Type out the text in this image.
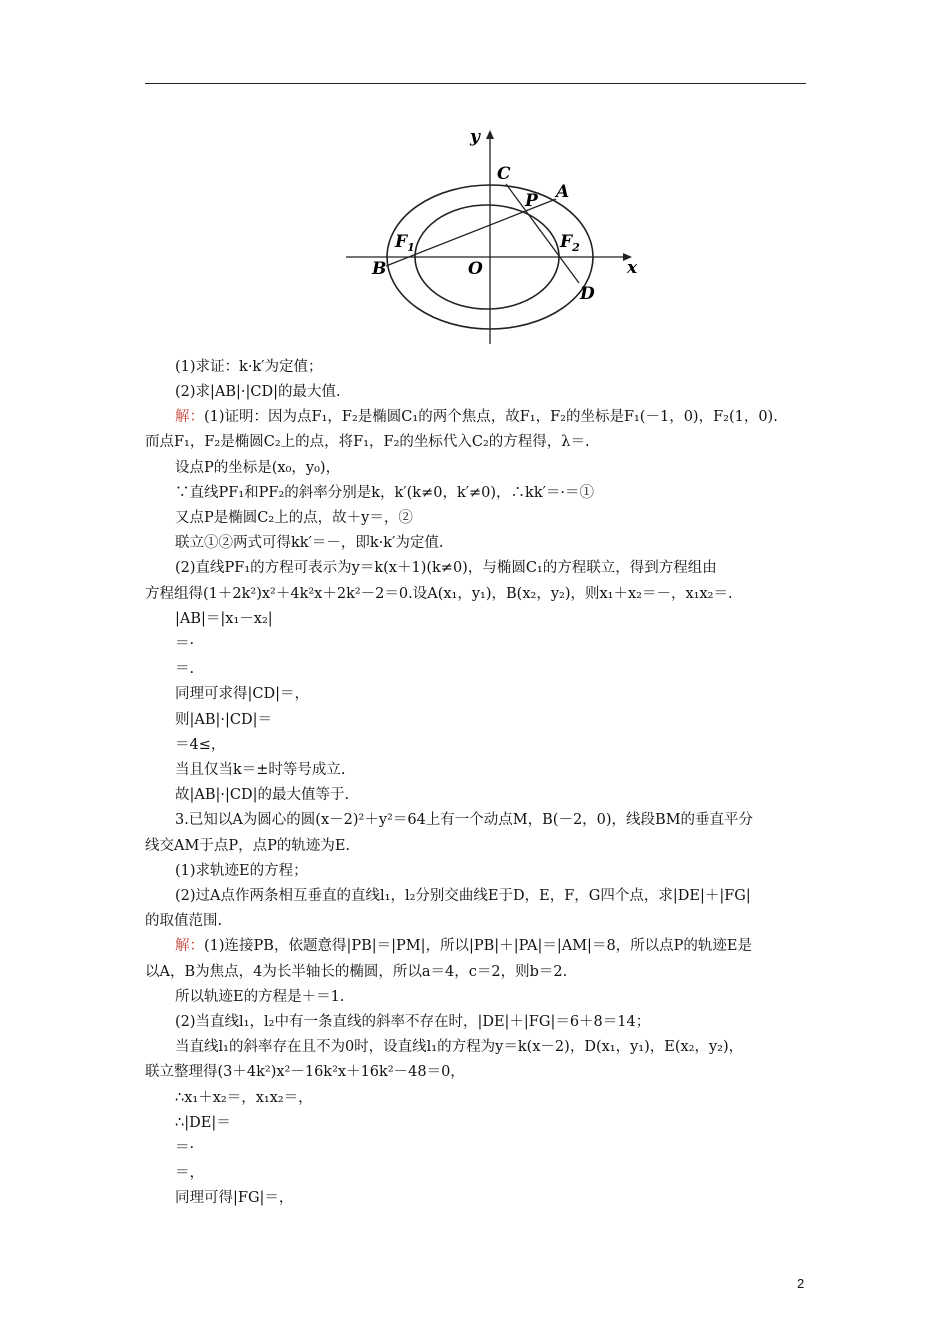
y
x
O
C
P A
$F_1$	$F_2$
B
D
(1)求证：k·k′为定值；
(2)求|AB|·|CD|的最大值.
解：(1)证明：因为点F₁，F₂是椭圆C₁的两个焦点，故F₁，F₂的坐标是F₁(－1，0)，F₂(1，0).
而点F₁，F₂是椭圆C₂上的点，将F₁，F₂的坐标代入C₂的方程得，λ＝.
设点P的坐标是(x₀，y₀)，
∵直线PF₁和PF₂的斜率分别是k，k′(k≠0，k′≠0)，∴kk′＝·＝①
又点P是椭圆C₂上的点，故＋y＝，②
联立①②两式可得kk′＝－，即k·k′为定值.
(2)直线PF₁的方程可表示为y＝k(x＋1)(k≠0)，与椭圆C₁的方程联立，得到方程组由
方程组得(1＋2k²)x²＋4k²x＋2k²－2＝0.设A(x₁，y₁)，B(x₂，y₂)，则x₁＋x₂＝－，x₁x₂＝.
|AB|＝|x₁－x₂|
＝·
＝.
同理可求得|CD|＝，
则|AB|·|CD|＝
＝4≤，
当且仅当k＝±时等号成立.
故|AB|·|CD|的最大值等于.
3.已知以A为圆心的圆(x－2)²＋y²＝64上有一个动点M，B(－2，0)，线段BM的垂直平分
线交AM于点P，点P的轨迹为E.
(1)求轨迹E的方程；
(2)过A点作两条相互垂直的直线l₁，l₂分别交曲线E于D，E，F，G四个点，求|DE|＋|FG|
的取值范围.
解：(1)连接PB，依题意得|PB|＝|PM|，所以|PB|＋|PA|＝|AM|＝8，所以点P的轨迹E是
以A，B为焦点，4为长半轴长的椭圆，所以a＝4，c＝2，则b＝2.
所以轨迹E的方程是＋＝1.
(2)当直线l₁，l₂中有一条直线的斜率不存在时，|DE|＋|FG|＝6＋8＝14；
当直线l₁的斜率存在且不为0时，设直线l₁的方程为y＝k(x－2)，D(x₁，y₁)，E(x₂，y₂)，
联立整理得(3＋4k²)x²－16k²x＋16k²－48＝0，
∴x₁＋x₂＝，x₁x₂＝，
∴|DE|＝
＝·
＝，
同理可得|FG|＝，
2
